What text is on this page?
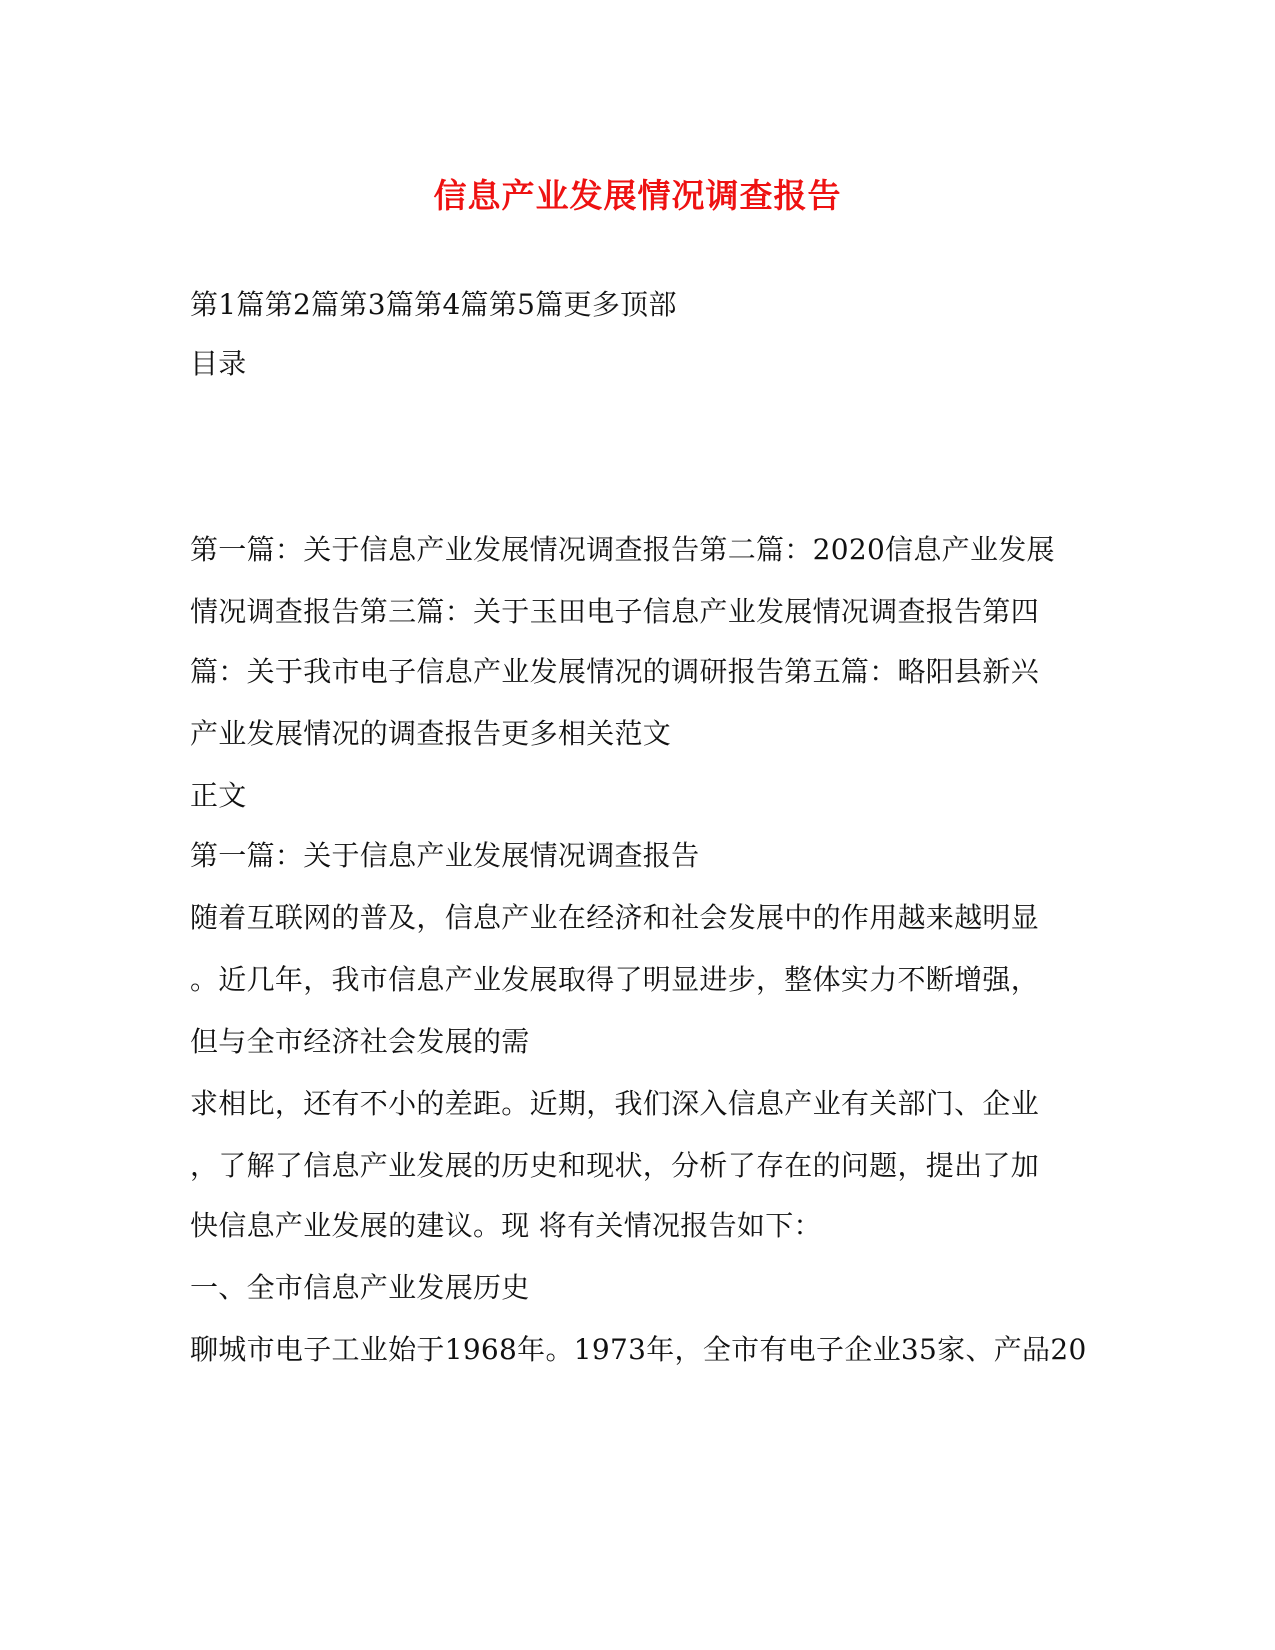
信息产业发展情况调查报告
第1篇第2篇第3篇第4篇第5篇更多顶部
目录
第一篇：关于信息产业发展情况调查报告第二篇：2020信息产业发展
情况调查报告第三篇：关于玉田电子信息产业发展情况调查报告第四
篇：关于我市电子信息产业发展情况的调研报告第五篇：略阳县新兴
产业发展情况的调查报告更多相关范文
正文
第一篇：关于信息产业发展情况调查报告
随着互联网的普及，信息产业在经济和社会发展中的作用越来越明显
。近几年，我市信息产业发展取得了明显进步，整体实力不断增强，
但与全市经济社会发展的需
求相比，还有不小的差距。近期，我们深入信息产业有关部门、企业
，了解了信息产业发展的历史和现状，分析了存在的问题，提出了加
快信息产业发展的建议。现 将有关情况报告如下：
一、全市信息产业发展历史
聊城市电子工业始于1968年。1973年，全市有电子企业35家、产品20
